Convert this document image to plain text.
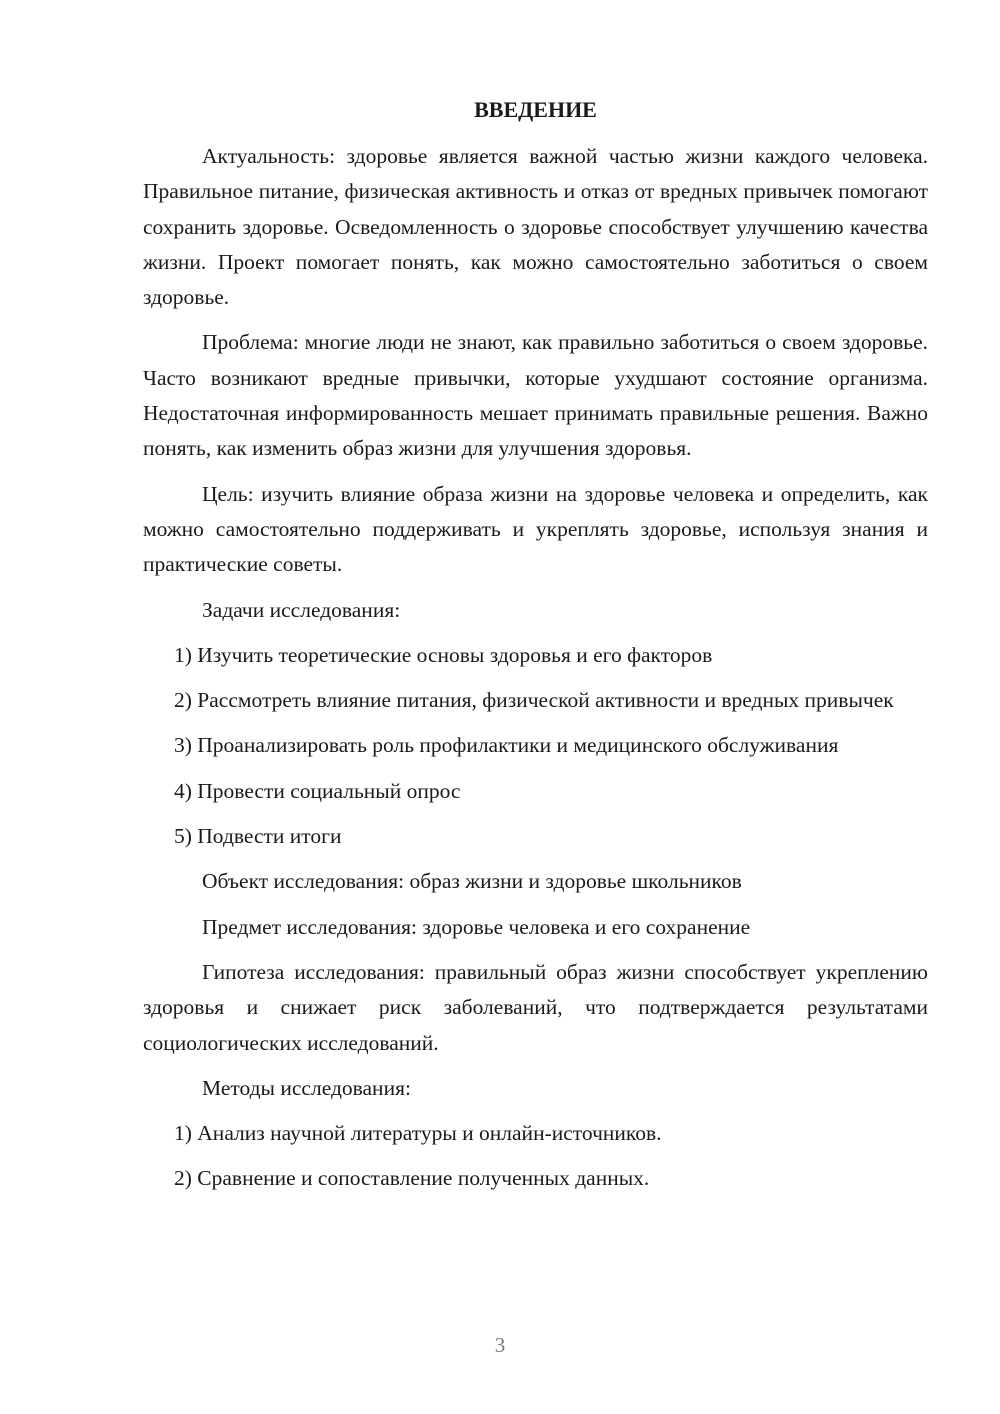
ВВЕДЕНИЕ

Актуальность: здоровье является важной частью жизни каждого человека. Правильное питание, физическая активность и отказ от вредных привычек помогают сохранить здоровье. Осведомленность о здоровье способствует улучшению качества жизни. Проект помогает понять, как можно самостоятельно заботиться о своем здоровье.

Проблема: многие люди не знают, как правильно заботиться о своем здоровье. Часто возникают вредные привычки, которые ухудшают состояние организма. Недостаточная информированность мешает принимать правильные решения. Важно понять, как изменить образ жизни для улучшения здоровья.

Цель: изучить влияние образа жизни на здоровье человека и определить, как можно самостоятельно поддерживать и укреплять здоровье, используя знания и практические советы.

Задачи исследования:

1) Изучить теоретические основы здоровья и его факторов

2) Рассмотреть влияние питания, физической активности и вредных привычек

3) Проанализировать роль профилактики и медицинского обслуживания

4) Провести социальный опрос

5) Подвести итоги

Объект исследования: образ жизни и здоровье школьников

Предмет исследования: здоровье человека и его сохранение

Гипотеза исследования: правильный образ жизни способствует укреплению здоровья и снижает риск заболеваний, что подтверждается результатами социологических исследований.

Методы исследования:

1) Анализ научной литературы и онлайн-источников.

2) Сравнение и сопоставление полученных данных.

3
